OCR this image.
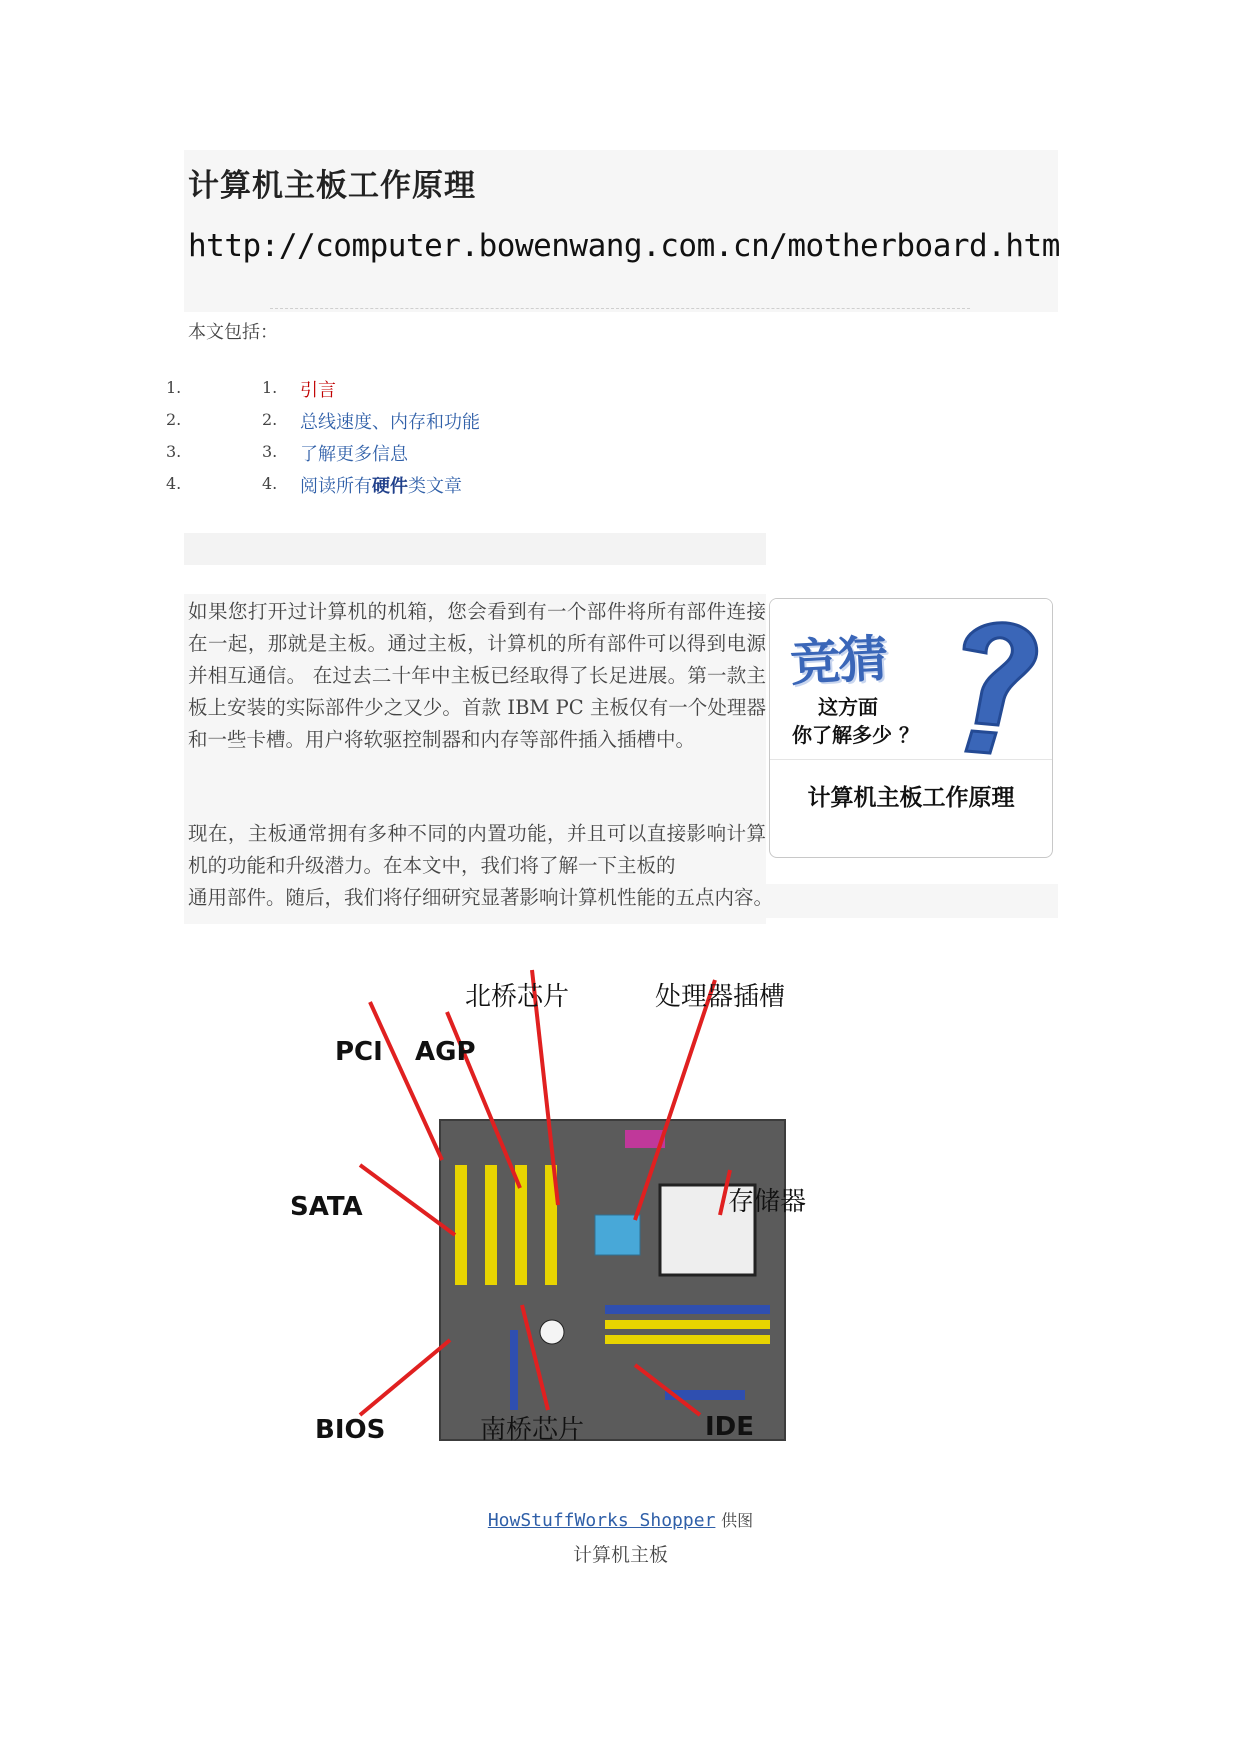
计算机主板工作原理
http://computer.bowenwang.com.cn/motherboard.htm
本文包括：
1.	1. 引言
2.	2. 总线速度、内存和功能
3.	3. 了解更多信息
4.	4. 阅读所有硬件类文章
如果您打开过计算机的机箱，您会看到有一个部件将所有部件连接在一起，那就是主板。通过主板，计算机的所有部件可以得到电源并相互通信。 在过去二十年中主板已经取得了长足进展。第一款主板上安装的实际部件少之又少。首款 IBM PC 主板仅有一个处理器和一些卡槽。用户将软驱控制器和内存等部件插入插槽中。
现在，主板通常拥有多种不同的内置功能，并且可以直接影响计算机的功能和升级潜力。在本文中，我们将了解一下主板的
通用部件。随后，我们将仔细研究显著影响计算机性能的五点内容。
竞猜
这方面
你了解多少 ？
计算机主板工作原理
北桥芯片	处理器插槽
PCI AGP
SATA	存储器
BIOS	南桥芯片	IDE
HowStuffWorks Shopper 供图
计算机主板
